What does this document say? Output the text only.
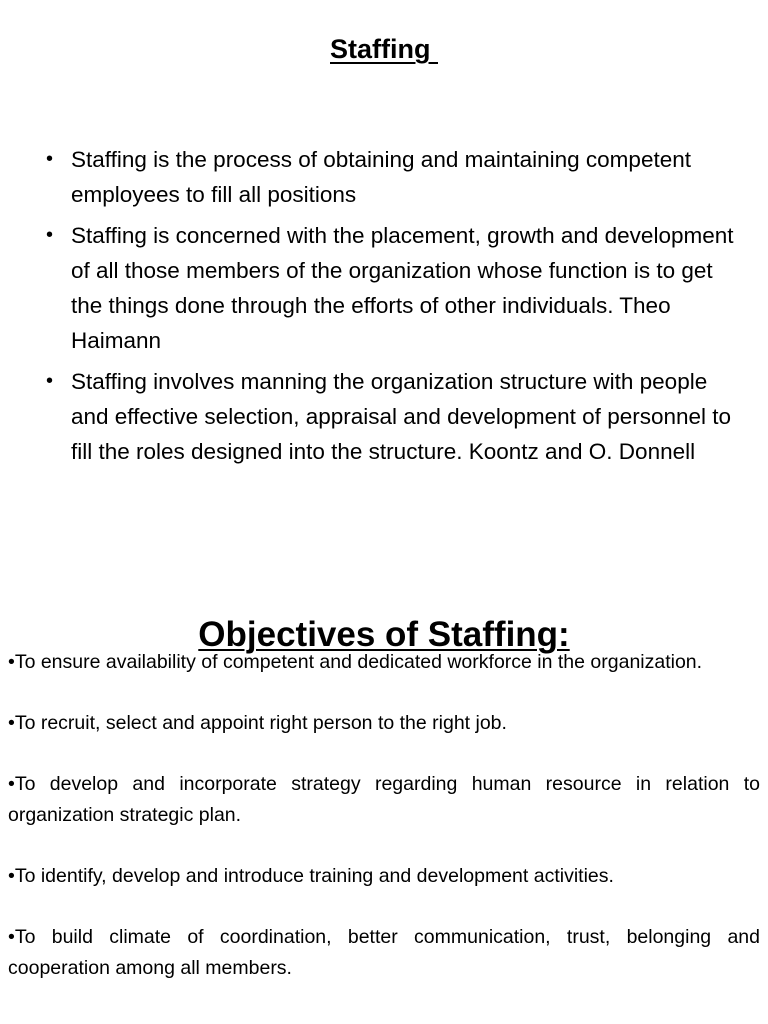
Staffing
• Staffing is the process of obtaining and maintaining competent employees to fill all positions
• Staffing is concerned with the placement, growth and development of all those members of the organization whose function is to get the things done through the efforts of other individuals. Theo Haimann
• Staffing involves manning the organization structure with people and effective selection, appraisal and development of personnel to fill the roles designed into the structure. Koontz and O. Donnell
Objectives of Staffing:
•To ensure availability of competent and dedicated workforce in the organization.
•To recruit, select and appoint right person to the right job.
•To develop and incorporate strategy regarding human resource in relation to organization strategic plan.
•To identify, develop and introduce training and development activities.
•To build climate of coordination, better communication, trust, belonging and cooperation among all members.
